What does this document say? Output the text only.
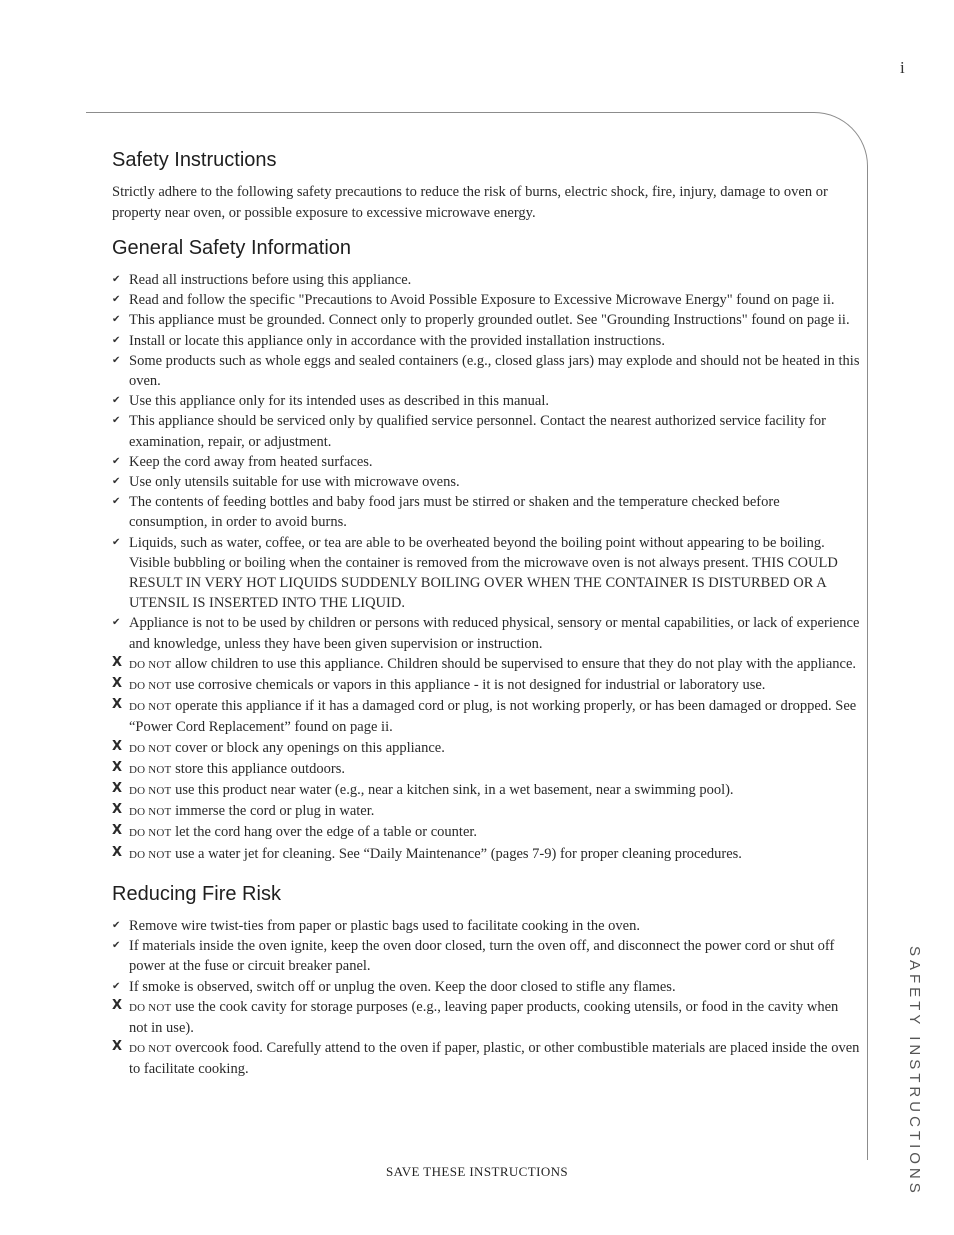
i
SAFETY INSTRUCTIONS
Safety Instructions

Strictly adhere to the following safety precautions to reduce the risk of burns, electric shock, fire, injury, damage to oven or property near oven, or possible exposure to excessive microwave energy.

General Safety Information
✔ Read all instructions before using this appliance.
✔ Read and follow the specific "Precautions to Avoid Possible Exposure to Excessive Microwave Energy" found on page ii.
✔ This appliance must be grounded. Connect only to properly grounded outlet. See "Grounding Instructions" found on page ii.
✔ Install or locate this appliance only in accordance with the provided installation instructions.
✔ Some products such as whole eggs and sealed containers (e.g., closed glass jars) may explode and should not be heated in this oven.
✔ Use this appliance only for its intended uses as described in this manual.
✔ This appliance should be serviced only by qualified service personnel. Contact the nearest authorized service facility for examination, repair, or adjustment.
✔ Keep the cord away from heated surfaces.
✔ Use only utensils suitable for use with microwave ovens.
✔ The contents of feeding bottles and baby food jars must be stirred or shaken and the temperature checked before consumption, in order to avoid burns.
✔ Liquids, such as water, coffee, or tea are able to be overheated beyond the boiling point without appearing to be boiling. Visible bubbling or boiling when the container is removed from the microwave oven is not always present. THIS COULD RESULT IN VERY HOT LIQUIDS SUDDENLY BOILING OVER WHEN THE CONTAINER IS DISTURBED OR A UTENSIL IS INSERTED INTO THE LIQUID.
✔ Appliance is not to be used by children or persons with reduced physical, sensory or mental capabilities, or lack of experience and knowledge, unless they have been given supervision or instruction.
X DO NOT allow children to use this appliance. Children should be supervised to ensure that they do not play with the appliance.
X DO NOT use corrosive chemicals or vapors in this appliance - it is not designed for industrial or laboratory use.
X DO NOT operate this appliance if it has a damaged cord or plug, is not working properly, or has been damaged or dropped. See “Power Cord Replacement” found on page ii.
X DO NOT cover or block any openings on this appliance.
X DO NOT store this appliance outdoors.
X DO NOT use this product near water (e.g., near a kitchen sink, in a wet basement, near a swimming pool).
X DO NOT immerse the cord or plug in water.
X DO NOT let the cord hang over the edge of a table or counter.
X DO NOT use a water jet for cleaning. See “Daily Maintenance” (pages 7-9) for proper cleaning procedures.
Reducing Fire Risk
✔ Remove wire twist-ties from paper or plastic bags used to facilitate cooking in the oven.
✔ If materials inside the oven ignite, keep the oven door closed, turn the oven off, and disconnect the power cord or shut off power at the fuse or circuit breaker panel.
✔ If smoke is observed, switch off or unplug the oven. Keep the door closed to stifle any flames.
X DO NOT use the cook cavity for storage purposes (e.g., leaving paper products, cooking utensils, or food in the cavity when not in use).
X DO NOT overcook food. Carefully attend to the oven if paper, plastic, or other combustible materials are placed inside the oven to facilitate cooking.
SAVE THESE INSTRUCTIONS
